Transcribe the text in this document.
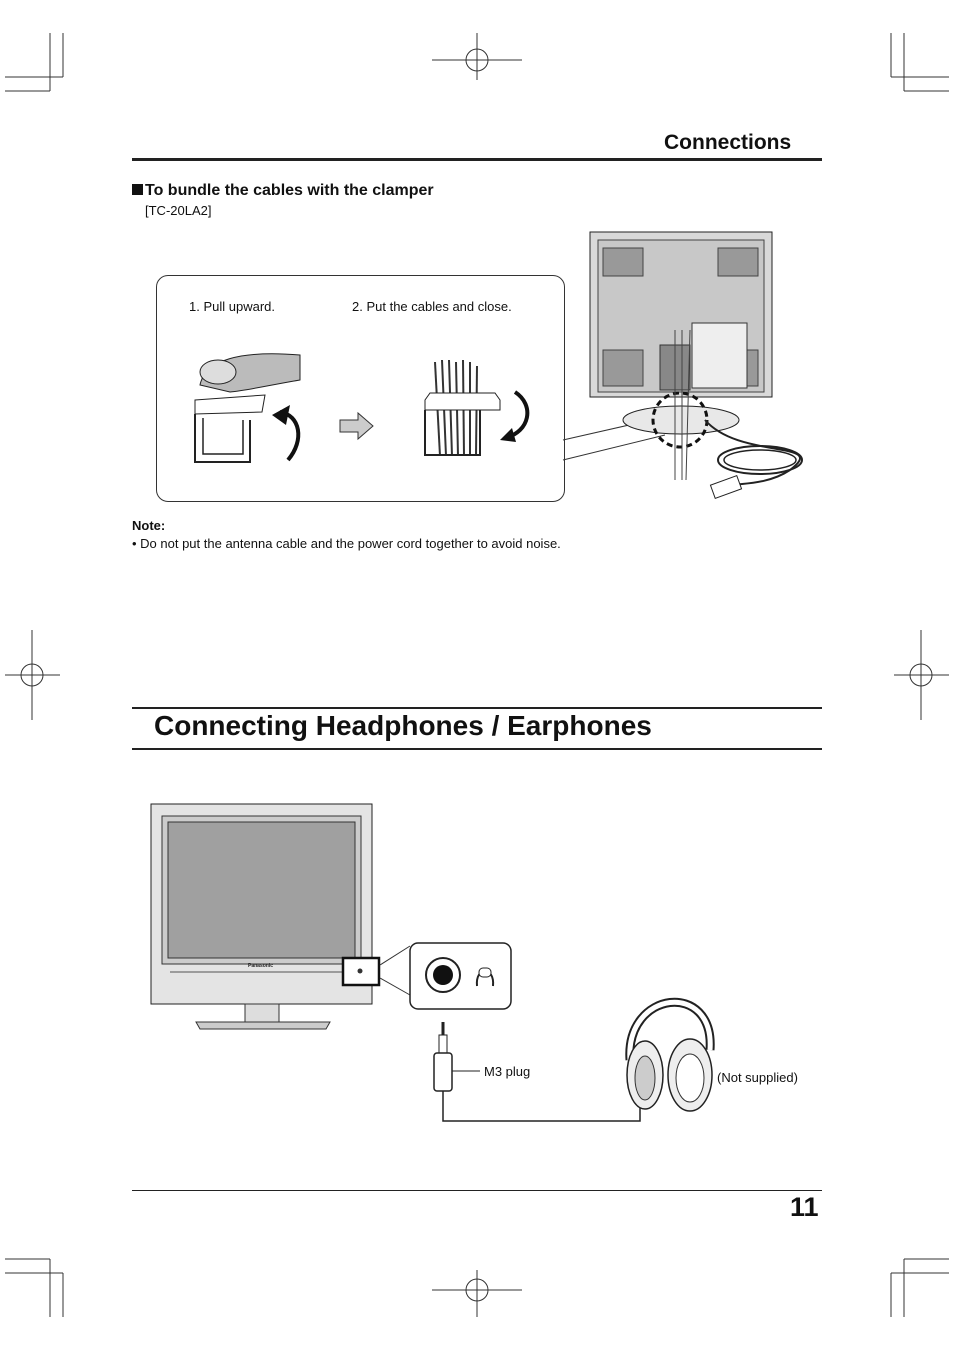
Connections
To bundle the cables with the clamper
[TC-20LA2]
1. Pull upward.	2. Put the cables and close.
Note:
• Do not put the antenna cable and the power cord together to avoid noise.
Connecting Headphones / Earphones
Panasonic
M3 plug	(Not supplied)
11
